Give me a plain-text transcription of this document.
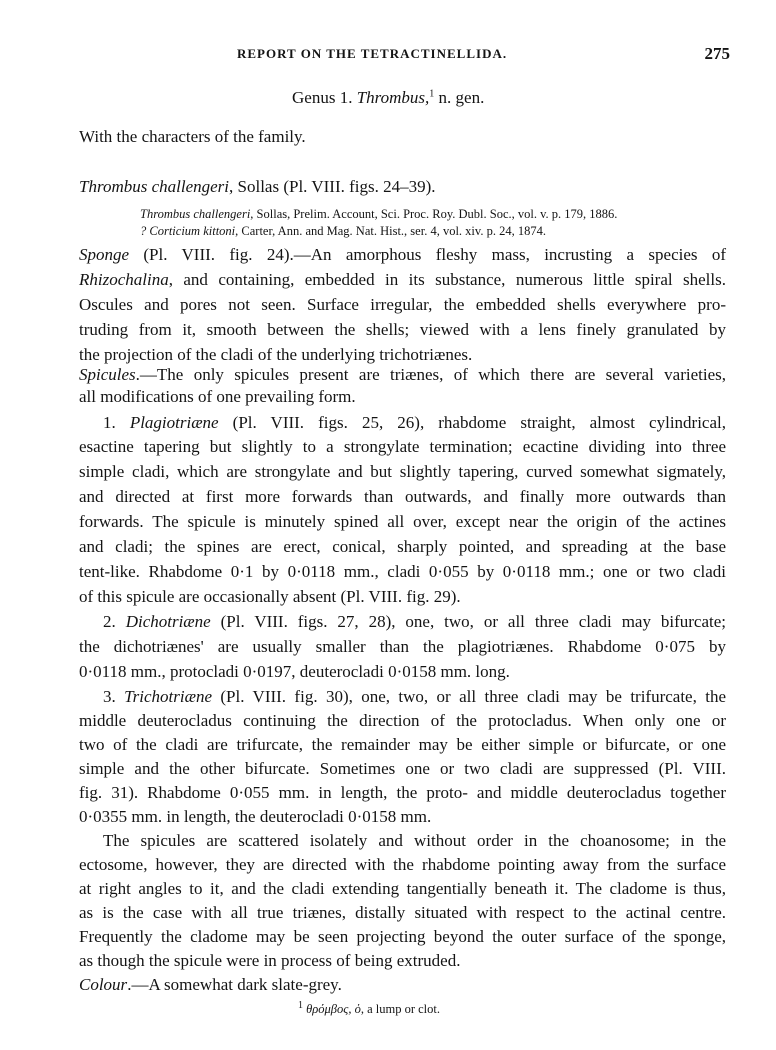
REPORT ON THE TETRACTINELLIDA.	275
Genus 1. Thrombus,$^1$ n. gen.
With the characters of the family.
Thrombus challengeri, Sollas (Pl. VIII. figs. 24–39).
Thrombus challengeri, Sollas, Prelim. Account, Sci. Proc. Roy. Dubl. Soc., vol. v. p. 179, 1886.
? Corticium kittoni, Carter, Ann. and Mag. Nat. Hist., ser. 4, vol. xiv. p. 24, 1874.
Sponge (Pl. VIII. fig. 24).—An amorphous fleshy mass, incrusting a species of
Rhizochalina, and containing, embedded in its substance, numerous little spiral shells.
Oscules and pores not seen. Surface irregular, the embedded shells everywhere pro-
truding from it, smooth between the shells; viewed with a lens finely granulated by
the projection of the cladi of the underlying trichotriænes.
Spicules.—The only spicules present are triænes, of which there are several varieties,
all modifications of one prevailing form.
1. Plagiotriæne (Pl. VIII. figs. 25, 26), rhabdome straight, almost cylindrical,
esactine tapering but slightly to a strongylate termination; ecactine dividing into three
simple cladi, which are strongylate and but slightly tapering, curved somewhat sigmately,
and directed at first more forwards than outwards, and finally more outwards than
forwards. The spicule is minutely spined all over, except near the origin of the actines
and cladi; the spines are erect, conical, sharply pointed, and spreading at the base
tent-like. Rhabdome 0·1 by 0·0118 mm., cladi 0·055 by 0·0118 mm.; one or two cladi
of this spicule are occasionally absent (Pl. VIII. fig. 29).
2. Dichotriæne (Pl. VIII. figs. 27, 28), one, two, or all three cladi may bifurcate;
the dichotriænes' are usually smaller than the plagiotriænes. Rhabdome 0·075 by
0·0118 mm., protocladi 0·0197, deuterocladi 0·0158 mm. long.
3. Trichotriæne (Pl. VIII. fig. 30), one, two, or all three cladi may be trifurcate, the
middle deuterocladus continuing the direction of the protocladus. When only one or
two of the cladi are trifurcate, the remainder may be either simple or bifurcate, or one
simple and the other bifurcate. Sometimes one or two cladi are suppressed (Pl. VIII.
fig. 31). Rhabdome 0·055 mm. in length, the proto- and middle deuterocladus together
0·0355 mm. in length, the deuterocladi 0·0158 mm.
The spicules are scattered isolately and without order in the choanosome; in the
ectosome, however, they are directed with the rhabdome pointing away from the surface
at right angles to it, and the cladi extending tangentially beneath it. The cladome is thus,
as is the case with all true triænes, distally situated with respect to the actinal centre.
Frequently the cladome may be seen projecting beyond the outer surface of the sponge,
as though the spicule were in process of being extruded.
$^1$ θρόμβος, ὁ, a lump or clot.
Colour.—A somewhat dark slate-grey.
